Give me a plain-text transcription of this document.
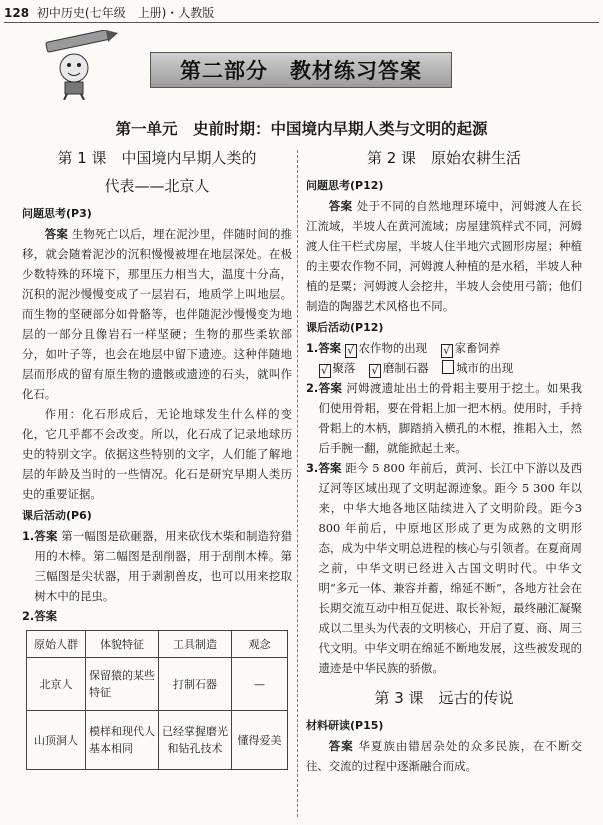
128 初中历史(七年级　上册)・人教版
第二部分　教材练习答案
第一单元　史前时期：中国境内早期人类与文明的起源
第 1 课　中国境内早期人类的
代表——北京人
问题思考(P3)
答案 生物死亡以后，埋在泥沙里，伴随时间的推移，就会随着泥沙的沉积慢慢被埋在地层深处。在极少数特殊的环境下，那里压力相当大，温度十分高，沉积的泥沙慢慢变成了一层岩石，地质学上叫地层。而生物的坚硬部分如骨骼等，也伴随泥沙慢慢变为地层的一部分且像岩石一样坚硬；生物的那些柔软部分，如叶子等，也会在地层中留下遗迹。这种伴随地层而形成的留有原生物的遗骸或遗迹的石头，就叫作化石。
作用：化石形成后，无论地球发生什么样的变化，它几乎都不会改变。所以，化石成了记录地球历史的特别文字。依据这些特别的文字，人们能了解地层的年龄及当时的一些情况。化石是研究早期人类历史的重要证据。
课后活动(P6)
1.答案 第一幅图是砍砸器，用来砍伐木柴和制造狩猎用的木棒。第二幅图是刮削器，用于刮削木棒。第三幅图是尖状器，用于剥割兽皮，也可以用来挖取树木中的昆虫。
2.答案
原始人群	体貌特征	工具制造	观念
北京人	保留猿的某些特征	打制石器	—
山顶洞人	模样和现代人基本相同	已经掌握磨光和钻孔技术	懂得爱美
第 2 课　原始农耕生活
问题思考(P12)
答案 处于不同的自然地理环境中，河姆渡人在长江流域，半坡人在黄河流域；房屋建筑样式不同，河姆渡人住干栏式房屋，半坡人住半地穴式圆形房屋；种植的主要农作物不同，河姆渡人种植的是水稻，半坡人种植的是粟；河姆渡人会挖井，半坡人会使用弓箭；他们制造的陶器艺术风格也不同。
课后活动(P12)
1.答案 √ 农作物的出现 √ 家畜饲养
√ 聚落 √ 磨制石器 城市的出现
2.答案 河姆渡遗址出土的骨耜主要用于挖土。如果我们使用骨耜，要在骨耜上加一把木柄。使用时，手持骨耜上的木柄，脚踏捎入横孔的木棍，推耜入土，然后手腕一翻，就能掀起土来。
3.答案 距今 5 800 年前后，黄河、长江中下游以及西辽河等区域出现了文明起源迹象。距今 5 300 年以来，中华大地各地区陆续进入了文明阶段。距今3 800 年前后，中原地区形成了更为成熟的文明形态，成为中华文明总进程的核心与引领者。在夏商周之前，中华文明已经进入古国文明时代。中华文明“多元一体、兼容并蓄，绵延不断”，各地方社会在长期交流互动中相互促进、取长补短，最终融汇凝聚成以二里头为代表的文明核心，开启了夏、商、周三代文明。中华文明在绵延不断地发展，这些被发现的遗迹是中华民族的骄傲。
第 3 课　远古的传说
材料研读(P15)
答案 华夏族由错居杂处的众多民族，在不断交往、交流的过程中逐渐融合而成。
